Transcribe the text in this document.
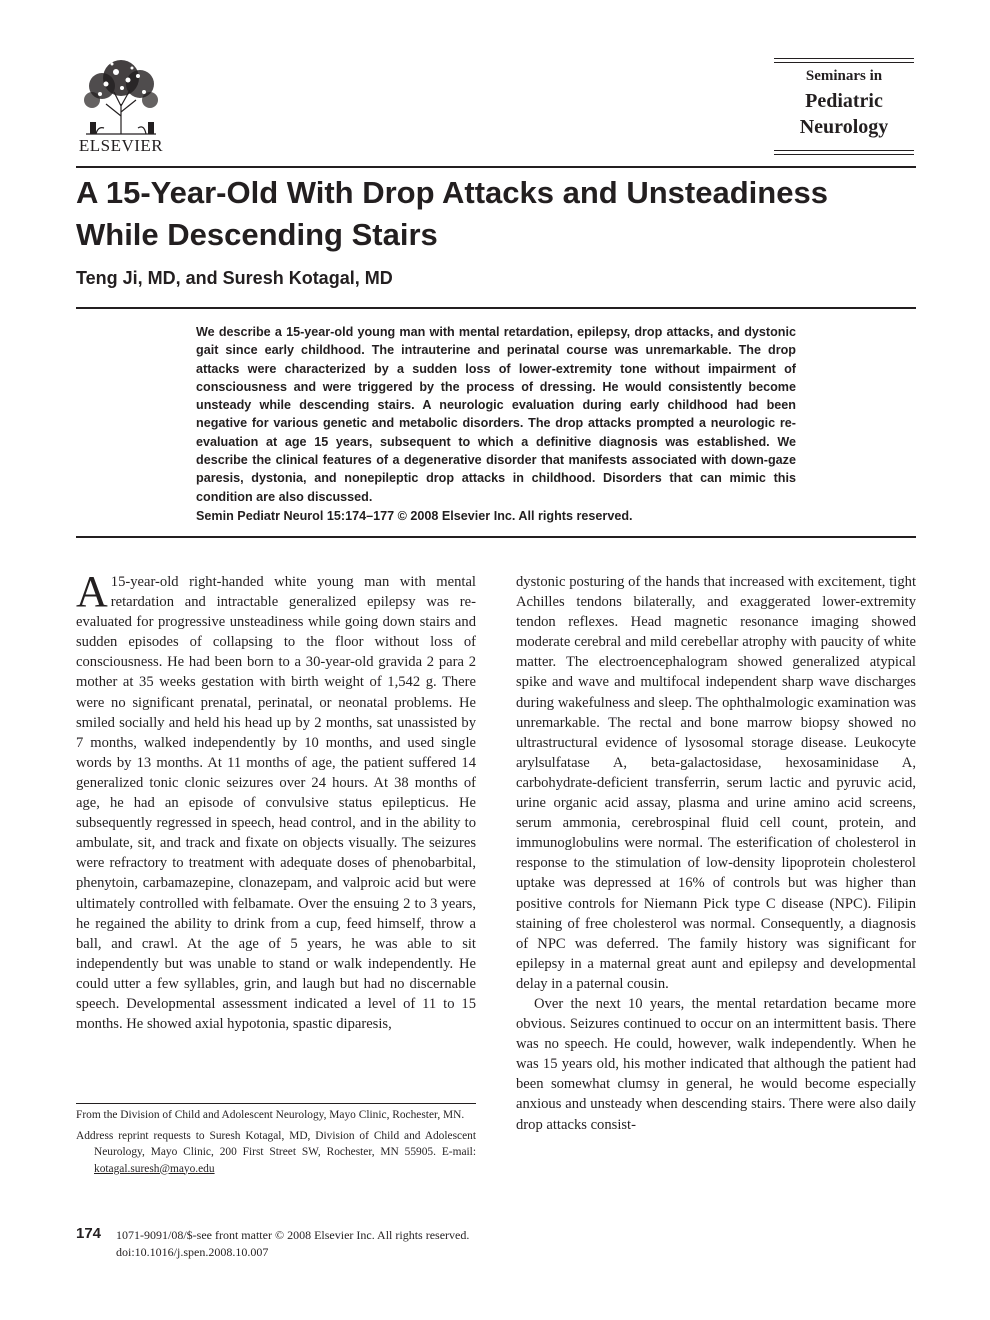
ELSEVIER
Seminars in
Pediatric
Neurology
A 15-Year-Old With Drop Attacks and Unsteadiness
While Descending Stairs
Teng Ji, MD, and Suresh Kotagal, MD

We describe a 15-year-old young man with mental retardation, epilepsy, drop attacks, and dystonic gait since early childhood. The intrauterine and perinatal course was unremarkable. The drop attacks were characterized by a sudden loss of lower-extremity tone without impairment of consciousness and were triggered by the process of dressing. He would consistently become unsteady while descending stairs. A neurologic evaluation during early childhood had been negative for various genetic and metabolic disorders. The drop attacks prompted a neurologic re-evaluation at age 15 years, subsequent to which a definitive diagnosis was established. We describe the clinical features of a degenerative disorder that manifests associated with down-gaze paresis, dystonia, and nonepileptic drop attacks in childhood. Disorders that can mimic this condition are also discussed.

Semin Pediatr Neurol 15:174–177 © 2008 Elsevier Inc. All rights reserved.

A 15-year-old right-handed white young man with mental retardation and intractable generalized epilepsy was re-evaluated for progressive unsteadiness while going down stairs and sudden episodes of collapsing to the floor without loss of consciousness. He had been born to a 30-year-old gravida 2 para 2 mother at 35 weeks gestation with birth weight of 1,542 g. There were no significant prenatal, perinatal, or neonatal problems. He smiled socially and held his head up by 2 months, sat unassisted by 7 months, walked independently by 10 months, and used single words by 13 months. At 11 months of age, the patient suffered 14 generalized tonic clonic seizures over 24 hours. At 38 months of age, he had an episode of convulsive status epilepticus. He subsequently regressed in speech, head control, and in the ability to ambulate, sit, and track and fixate on objects visually. The seizures were refractory to treatment with adequate doses of phenobarbital, phenytoin, carbamazepine, clonazepam, and valproic acid but were ultimately controlled with felbamate. Over the ensuing 2 to 3 years, he regained the ability to drink from a cup, feed himself, throw a ball, and crawl. At the age of 5 years, he was able to sit independently but was unable to stand or walk independently. He could utter a few syllables, grin, and laugh but had no discernable speech. Developmental assessment indicated a level of 11 to 15 months. He showed axial hypotonia, spastic diparesis,

dystonic posturing of the hands that increased with excitement, tight Achilles tendons bilaterally, and exaggerated lower-extremity tendon reflexes. Head magnetic resonance imaging showed moderate cerebral and mild cerebellar atrophy with paucity of white matter. The electroencephalogram showed generalized atypical spike and wave and multifocal independent sharp wave discharges during wakefulness and sleep. The ophthalmologic examination was unremarkable. The rectal and bone marrow biopsy showed no ultrastructural evidence of lysosomal storage disease. Leukocyte arylsulfatase A, beta-galactosidase, hexosaminidase A, carbohydrate-deficient transferrin, serum lactic and pyruvic acid, urine organic acid assay, plasma and urine amino acid screens, serum ammonia, cerebrospinal fluid cell count, protein, and immunoglobulins were normal. The esterification of cholesterol in response to the stimulation of low-density lipoprotein cholesterol uptake was depressed at 16% of controls but was higher than positive controls for Niemann Pick type C disease (NPC). Filipin staining of free cholesterol was normal. Consequently, a diagnosis of NPC was deferred. The family history was significant for epilepsy in a maternal great aunt and epilepsy and developmental delay in a paternal cousin.

Over the next 10 years, the mental retardation became more obvious. Seizures continued to occur on an intermittent basis. There was no speech. He could, however, walk independently. When he was 15 years old, his mother indicated that although the patient had been somewhat clumsy in general, he would become especially anxious and unsteady when descending stairs. There were also daily drop attacks consist-

From the Division of Child and Adolescent Neurology, Mayo Clinic, Rochester, MN.

Address reprint requests to Suresh Kotagal, MD, Division of Child and Adolescent Neurology, Mayo Clinic, 200 First Street SW, Rochester, MN 55905. E-mail: kotagal.suresh@mayo.edu

174 1071-9091/08/$-see front matter © 2008 Elsevier Inc. All rights reserved.
doi:10.1016/j.spen.2008.10.007
